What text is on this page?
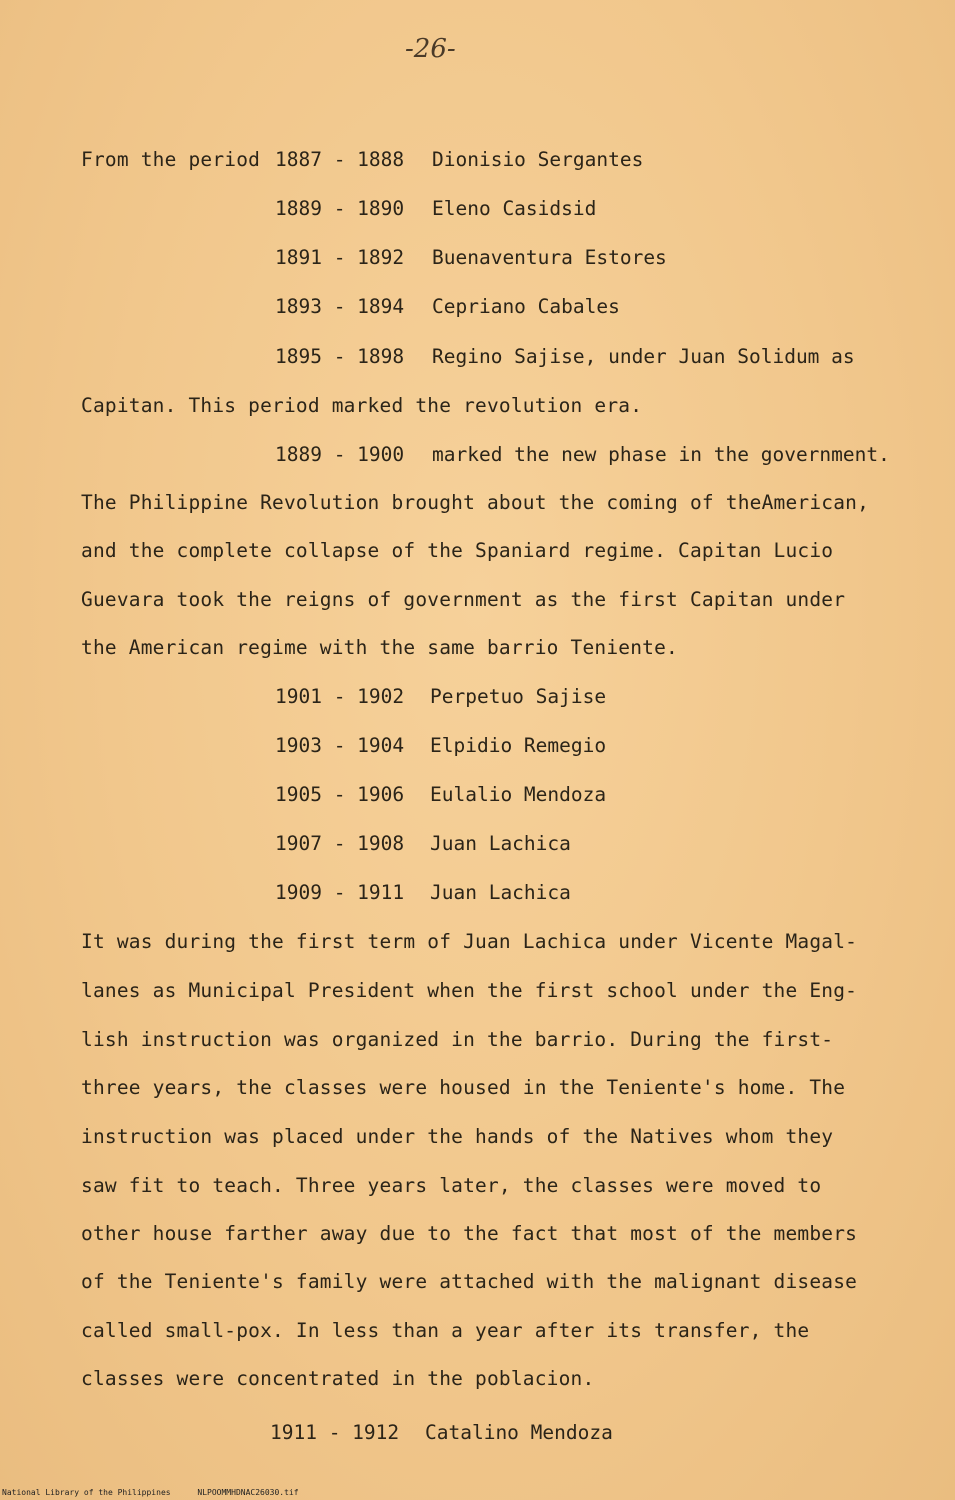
-26-
From the period 1887 - 1888 Dionisio Sergantes
1889 - 1890 Eleno Casidsid
1891 - 1892 Buenaventura Estores
1893 - 1894 Cepriano Cabales
1895 - 1898 Regino Sajise, under Juan Solidum as
Capitan. This period marked the revolution era.
1889 - 1900 marked the new phase in the government.
The Philippine Revolution brought about the coming of theAmerican,
and the complete collapse of the Spaniard regime. Capitan Lucio
Guevara took the reigns of government as the first Capitan under
the American regime with the same barrio Teniente.
1901 - 1902 Perpetuo Sajise
1903 - 1904 Elpidio Remegio
1905 - 1906 Eulalio Mendoza
1907 - 1908 Juan Lachica
1909 - 1911 Juan Lachica
It was during the first term of Juan Lachica under Vicente Magal-
lanes as Municipal President when the first school under the Eng-
lish instruction was organized in the barrio. During the first-
three years, the classes were housed in the Teniente's home. The
instruction was placed under the hands of the Natives whom they
saw fit to teach. Three years later, the classes were moved to
other house farther away due to the fact that most of the members
of the Teniente's family were attached with the malignant disease
called small-pox. In less than a year after its transfer, the
classes were concentrated in the poblacion.
1911 - 1912 Catalino Mendoza
National Library of the Philippines	NLPOOMMHDNAC26030.tif
